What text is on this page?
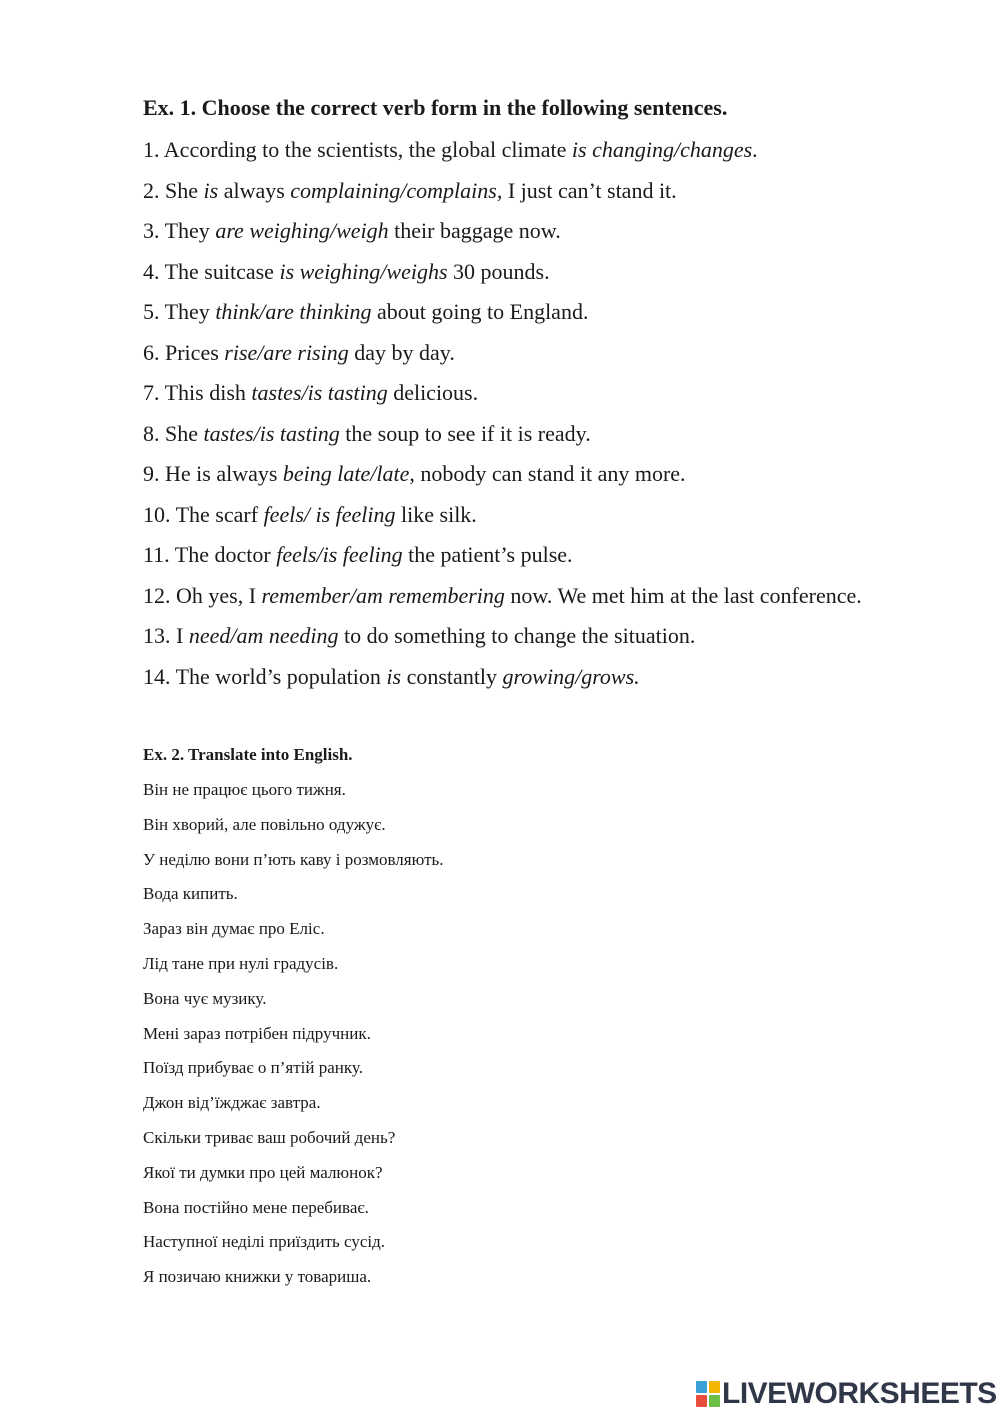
Ex. 1. Choose the correct verb form in the following sentences.
1. According to the scientists, the global climate is changing/changes.
2. She is always complaining/complains, I just can’t stand it.
3. They are weighing/weigh their baggage now.
4. The suitcase is weighing/weighs 30 pounds.
5. They think/are thinking about going to England.
6. Prices rise/are rising day by day.
7. This dish tastes/is tasting delicious.
8. She tastes/is tasting the soup to see if it is ready.
9. He is always being late/late, nobody can stand it any more.
10. The scarf feels/ is feeling like silk.
11. The doctor feels/is feeling the patient’s pulse.
12. Oh yes, I remember/am remembering now. We met him at the last conference.
13. I need/am needing to do something to change the situation.
14. The world’s population is constantly growing/grows.
Ex. 2. Translate into English.
Він не працює цього тижня.
Він хворий, але повільно одужує.
У неділю вони п’ють каву і розмовляють.
Вода кипить.
Зараз він думає про Еліс.
Лід тане при нулі градусів.
Вона чує музику.
Мені зараз потрібен підручник.
Поїзд прибуває о п’ятій ранку.
Джон від’їжджає завтра.
Скільки триває ваш робочий день?
Якої ти думки про цей малюнок?
Вона постійно мене перебиває.
Наступної неділі приїздить сусід.
Я позичаю книжки у товариша.
LIVEWORKSHEETS
